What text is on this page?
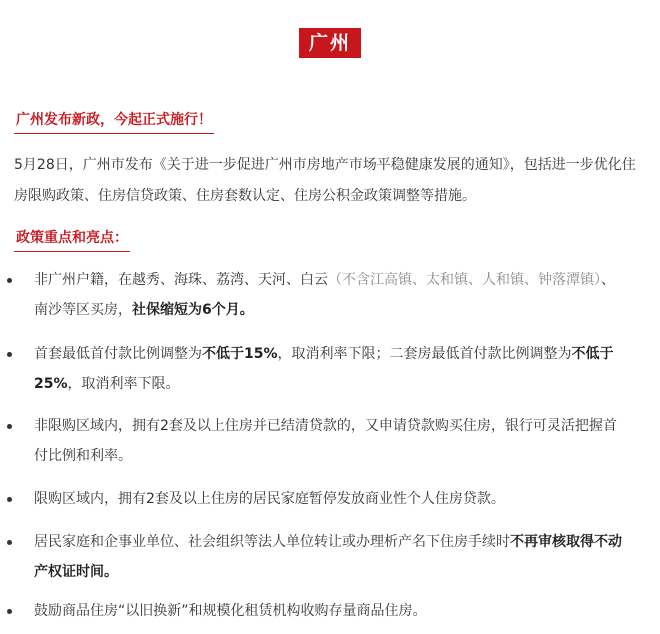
广州
广州发布新政，今起正式施行！
5月28日，广州市发布《关于进一步促进广州市房地产市场平稳健康发展的通知》，包括进一步优化住房限购政策、住房信贷政策、住房套数认定、住房公积金政策调整等措施。
政策重点和亮点：
非广州户籍，在越秀、海珠、荔湾、天河、白云（不含江高镇、太和镇、人和镇、钟落潭镇）、南沙等区买房，社保缩短为6个月。
首套最低首付款比例调整为不低于15%，取消利率下限；二套房最低首付款比例调整为不低于25%，取消利率下限。
非限购区域内，拥有2套及以上住房并已结清贷款的，又申请贷款购买住房，银行可灵活把握首付比例和利率。
限购区域内，拥有2套及以上住房的居民家庭暂停发放商业性个人住房贷款。
居民家庭和企事业单位、社会组织等法人单位转让或办理析产名下住房手续时不再审核取得不动产权证时间。
鼓励商品住房“以旧换新”和规模化租赁机构收购存量商品住房。
